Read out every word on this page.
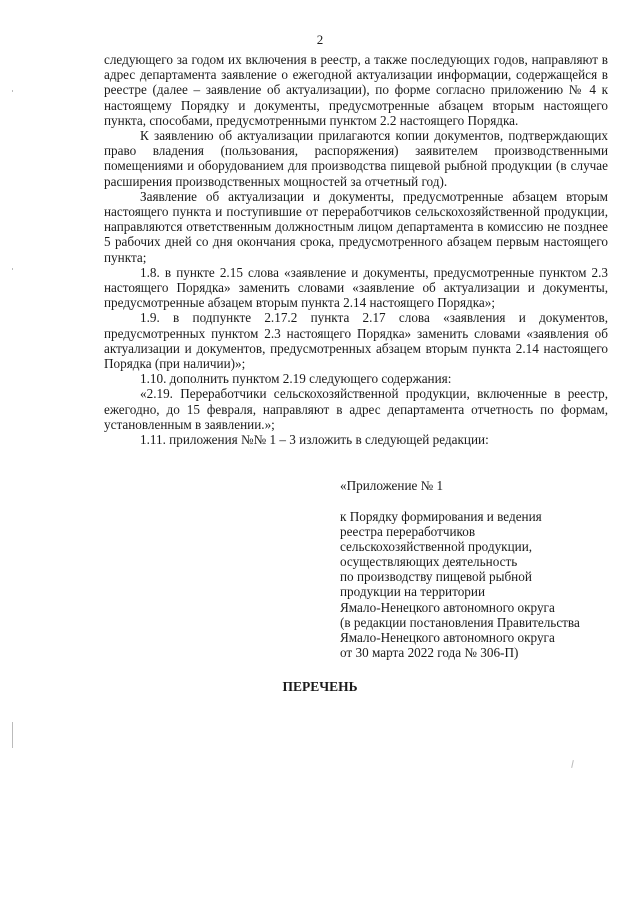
2

следующего за годом их включения в реестр, а также последующих годов, направляют в адрес департамента заявление о ежегодной актуализации информации, содержащейся в реестре (далее – заявление об актуализации), по форме согласно приложению № 4 к настоящему Порядку и документы, предусмотренные абзацем вторым настоящего пункта, способами, предусмотренными пунктом 2.2 настоящего Порядка.

К заявлению об актуализации прилагаются копии документов, подтверждающих право владения (пользования, распоряжения) заявителем производственными помещениями и оборудованием для производства пищевой рыбной продукции (в случае расширения производственных мощностей за отчетный год).

Заявление об актуализации и документы, предусмотренные абзацем вторым настоящего пункта и поступившие от переработчиков сельскохозяйственной продукции, направляются ответственным должностным лицом департамента в комиссию не позднее 5 рабочих дней со дня окончания срока, предусмотренного абзацем первым настоящего пункта;

1.8. в пункте 2.15 слова «заявление и документы, предусмотренные пунктом 2.3 настоящего Порядка» заменить словами «заявление об актуализации и документы, предусмотренные абзацем вторым пункта 2.14 настоящего Порядка»;

1.9. в подпункте 2.17.2 пункта 2.17 слова «заявления и документов, предусмотренных пунктом 2.3 настоящего Порядка» заменить словами «заявления об актуализации и документов, предусмотренных абзацем вторым пункта 2.14 настоящего Порядка (при наличии)»;

1.10. дополнить пунктом 2.19 следующего содержания:

«2.19. Переработчики сельскохозяйственной продукции, включенные в реестр, ежегодно, до 15 февраля, направляют в адрес департамента отчетность по формам, установленным в заявлении.»;

1.11. приложения №№ 1 – 3 изложить в следующей редакции:

«Приложение № 1
к Порядку формирования и ведения
реестра переработчиков
сельскохозяйственной продукции,
осуществляющих деятельность
по производству пищевой рыбной
продукции на территории
Ямало-Ненецкого автономного округа
(в редакции постановления Правительства
Ямало-Ненецкого автономного округа
от 30 марта 2022 года № 306-П)
ПЕРЕЧЕНЬ
